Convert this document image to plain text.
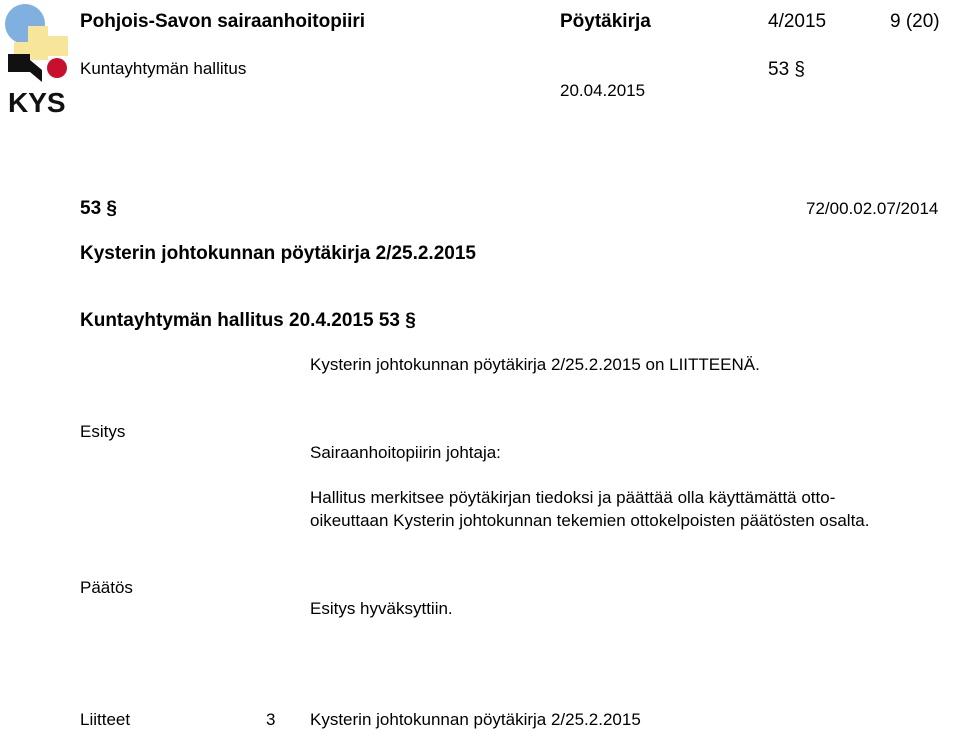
KYS
Pohjois-Savon sairaanhoitopiiri	Pöytäkirja	4/2015	9 (20)
Kuntayhtymän hallitus	53 §
20.04.2015
53 §	72/00.02.07/2014
Kysterin johtokunnan pöytäkirja 2/25.2.2015
Kuntayhtymän hallitus 20.4.2015 53 §
Kysterin johtokunnan pöytäkirja 2/25.2.2015 on LIITTEENÄ.
Esitys
Sairaanhoitopiirin johtaja:
Hallitus merkitsee pöytäkirjan tiedoksi ja päättää olla käyttämättä otto-
oikeuttaan Kysterin johtokunnan tekemien ottokelpoisten päätösten osalta.
Päätös
Esitys hyväksyttiin.
Liitteet	3 Kysterin johtokunnan pöytäkirja 2/25.2.2015
